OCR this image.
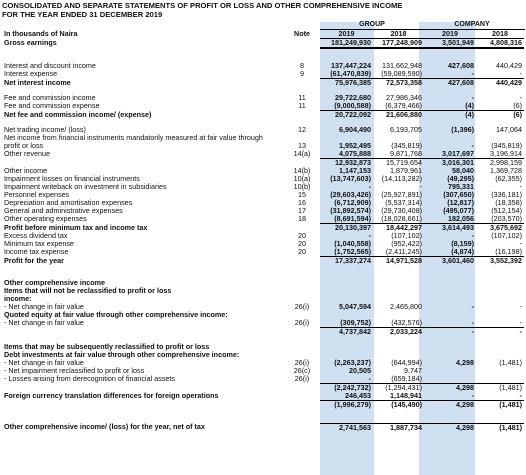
CONSOLIDATED AND SEPARATE STATEMENTS OF PROFIT OR LOSS AND OTHER COMPREHENSIVE INCOME
FOR THE YEAR ENDED 31 DECEMBER 2019
GROUP	COMPANY
In thousands of Naira	Note	2019	2018	2019	2018
Gross earnings		181,249,930	177,248,909	3,501,949	4,808,316

Interest and discount income	8	137,447,224	131,662,948	427,608	440,429
Interest expense	9	(61,470,839)	(59,089,590)	-	-
Net interest income		75,976,385	72,573,358	427,608	440,429

Fee and commission income	11	29,722,680	27,986,346	-	-
Fee and commission expense	11	(9,000,588)	(6,379,466)	(4)	(6)
Net fee and commission income/ (expense)		20,722,092	21,606,880	(4)	(6)

Net trading income/ (loss)	12	6,904,490	6,193,705	(1,396)	147,064
Net income from financial instruments mandatorily measured at fair value through					
profit or loss	13	1,952,495	(345,819)	-	(345,819)
Other revenue	14(a)	4,075,888	9,871,768	3,017,697	3,196,914
		12,932,873	15,719,654	3,016,301	2,998,159
Other income	14(b)	1,147,153	1,879,961	58,040	1,369,728
Impairment losses on financial instruments	10(a)	(13,747,603)	(14,113,282)	(49,295)	(62,355)
Impairment writeback on investment in subsidiaries	10(b)	-	-	795,331	-
Personnel expenses	15	(29,603,426)	(25,927,891)	(307,650)	(336,181)
Depreciation and amortisation expenses	16	(6,712,909)	(5,537,314)	(12,817)	(18,358)
General and administrative expenses	17	(31,892,574)	(29,730,408)	(495,077)	(512,154)
Other operating expenses	18	(8,691,594)	(18,028,661)	182,056	(203,570)
Profit before minimum tax and income tax		20,130,397	18,442,297	3,614,493	3,675,692
Excess dividend tax	20	-	(107,102)	-	(107,102)
Minimum tax expense	20	(1,040,558)	(952,422)	(8,159)	-
Income tax expense	20	(1,752,565)	(2,411,245)	(4,874)	(16,198)
Profit for the year		17,337,274	14,971,528	3,601,460	3,552,392

Other comprehensive income					
Items that will not be reclassified to profit or loss					
income:					
- Net change in fair value	26(i)	5,047,594	2,465,800	-	-
Quoted equity at fair value through other comprehensive income:					
- Net change in fair value	26(i)	(309,752)	(432,576)	-	-
		4,737,842	2,033,224	-	-

Items that may be subsequently reclassified to profit or loss					
Debt investments at fair value through other comprehensive income:					
- Net change in fair value	26(i)	(2,263,237)	(644,994)	4,298	(1,481)
- Net impairment reclassified to profit or loss	26(c)	20,505	9,747		
- Losses arising from derecognition of financial assets	26(i)	-	(659,184)		
		(2,242,732)	(1,294,431)	4,298	(1,481)
Foreign currency translation differences for foreign operations		246,453	1,148,941	-	-
		(1,996,279)	(145,490)	4,298	(1,481)

Other comprehensive income/ (loss) for the year, net of tax		2,741,563	1,887,734	4,298	(1,481)
